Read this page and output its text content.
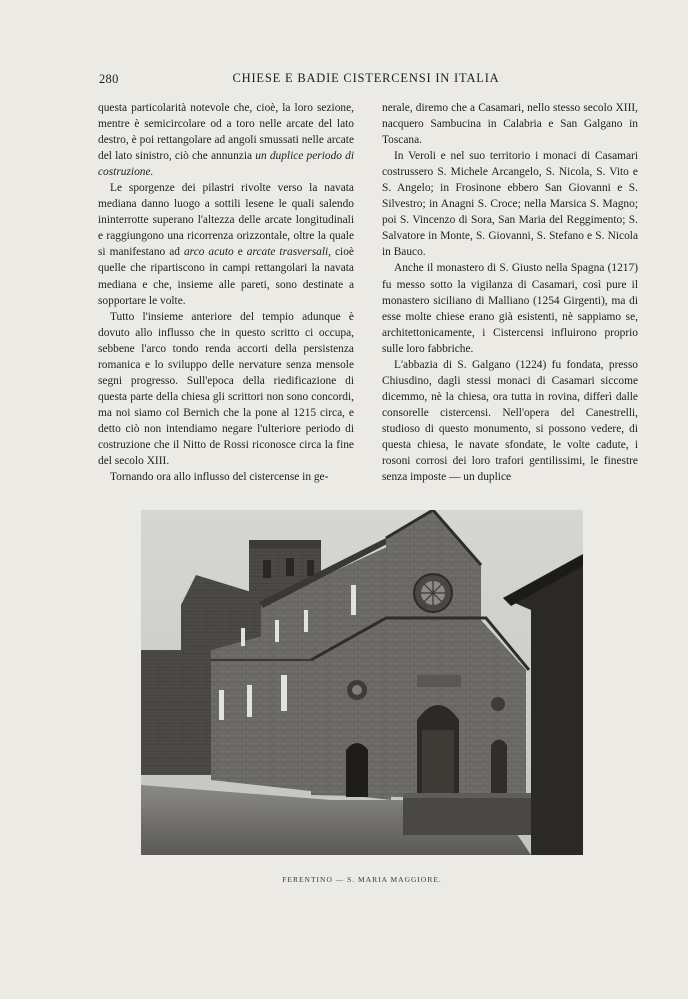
280	CHIESE E BADIE CISTERCENSI IN ITALIA

questa particolarità notevole che, cioè, la loro sezione, mentre è semicircolare od a toro nelle arcate del lato destro, è poi rettangolare ad angoli smussati nelle arcate del lato sinistro, ciò che annunzia un duplice periodo di costruzione.

Le sporgenze dei pilastri rivolte verso la navata mediana danno luogo a sottili lesene le quali salendo ininterrotte superano l'altezza delle arcate longitudinali e raggiungono una ricorrenza orizzontale, oltre la quale si manifestano ad arco acuto e arcate trasversali, cioè quelle che ripartiscono in campi rettangolari la navata mediana e che, insieme alle pareti, sono destinate a sopportare le volte.

Tutto l'insieme anteriore del tempio adunque è dovuto allo influsso che in questo scritto ci occupa, sebbene l'arco tondo renda accorti della persistenza romanica e lo sviluppo delle nervature senza mensole segni progresso. Sull'epoca della riedificazione di questa parte della chiesa gli scrittori non sono concordi, ma noi siamo col Bernich che la pone al 1215 circa, e detto ciò non intendiamo negare l'ulteriore periodo di costruzione che il Nitto de Rossi riconosce circa la fine del secolo XIII.

Tornando ora allo influsso del cistercense in ge-

nerale, diremo che a Casamari, nello stesso secolo XIII, nacquero Sambucina in Calabria e San Galgano in Toscana.

In Veroli e nel suo territorio i monaci di Casamari costrussero S. Michele Arcangelo, S. Nicola, S. Vito e S. Angelo; in Frosinone ebbero San Giovanni e S. Silvestro; in Anagni S. Croce; nella Marsica S. Magno; poi S. Vincenzo di Sora, San Maria del Reggimento; S. Salvatore in Monte, S. Giovanni, S. Stefano e S. Nicola in Bauco.

Anche il monastero di S. Giusto nella Spagna (1217) fu messo sotto la vigilanza di Casamari, così pure il monastero siciliano di Malliano (1254 Girgenti), ma di esse molte chiese erano già esistenti, nè sappiamo se, architettonicamente, i Cistercensi influirono proprio sulle loro fabbriche.

L'abbazia di S. Galgano (1224) fu fondata, presso Chiusdino, dagli stessi monaci di Casamari siccome dicemmo, nè la chiesa, ora tutta in rovina, differì dalle consorelle cistercensi. Nell'opera del Canestrelli, studioso di questo monumento, si possono vedere, di questa chiesa, le navate sfondate, le volte cadute, i rosoni corrosi dei loro trafori gentilissimi, le finestre senza imposte — un duplice

FERENTINO — S. MARIA MAGGIORE.
